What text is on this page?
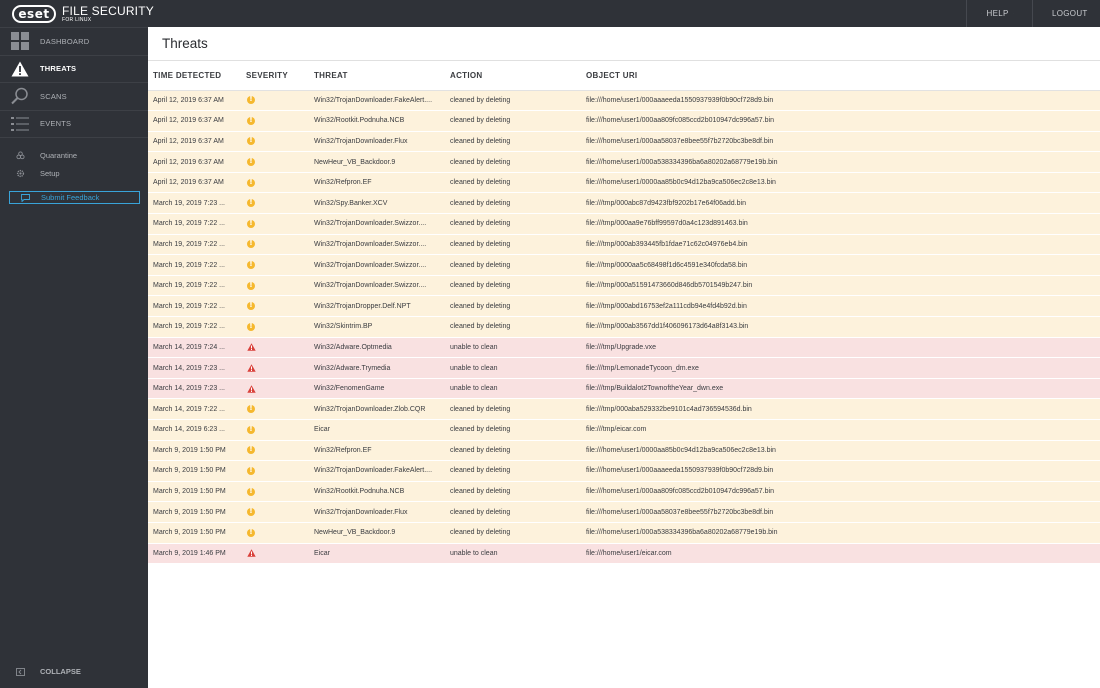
eset	FILE SECURITY
FOR LINUX
HELP	LOGOUT
DASHBOARD
THREATS
SCANS
EVENTS
Quarantine
Setup
Submit Feedback
COLLAPSE
Threats
TIME DETECTED	SEVERITY	THREAT	ACTION	OBJECT URI
April 12, 2019 6:37 AM	!	Win32/TrojanDownloader.FakeAlert....	cleaned by deleting	file:///home/user1/000aaaeeda1550937939f0b90cf728d9.bin
April 12, 2019 6:37 AM	!	Win32/Rootkit.Podnuha.NCB	cleaned by deleting	file:///home/user1/000aa809fc085ccd2b010947dc996a57.bin
April 12, 2019 6:37 AM	!	Win32/TrojanDownloader.Flux	cleaned by deleting	file:///home/user1/000aa58037e8bee55f7b2720bc3be8df.bin
April 12, 2019 6:37 AM	!	NewHeur_VB_Backdoor.9	cleaned by deleting	file:///home/user1/000a538334396ba6a80202a68779e19b.bin
April 12, 2019 6:37 AM	!	Win32/Refpron.EF	cleaned by deleting	file:///home/user1/0000aa85b0c94d12ba9ca506ec2c8e13.bin
March 19, 2019 7:23 ...	!	Win32/Spy.Banker.XCV	cleaned by deleting	file:///tmp/000abc87d9423fbf9202b17e64f06add.bin
March 19, 2019 7:22 ...	!	Win32/TrojanDownloader.Swizzor....	cleaned by deleting	file:///tmp/000aa9e76bff99597d0a4c123d891463.bin
March 19, 2019 7:22 ...	!	Win32/TrojanDownloader.Swizzor....	cleaned by deleting	file:///tmp/000ab393445fb1fdae71c62c04976eb4.bin
March 19, 2019 7:22 ...	!	Win32/TrojanDownloader.Swizzor....	cleaned by deleting	file:///tmp/0000aa5c68498f1d6c4591e340fcda58.bin
March 19, 2019 7:22 ...	!	Win32/TrojanDownloader.Swizzor....	cleaned by deleting	file:///tmp/000a51591473660d846db5701549b247.bin
March 19, 2019 7:22 ...	!	Win32/TrojanDropper.Delf.NPT	cleaned by deleting	file:///tmp/000abd16753ef2a111cdb94e4fd4b92d.bin
March 19, 2019 7:22 ...	!	Win32/Skintrim.BP	cleaned by deleting	file:///tmp/000ab3567dd1f406096173d64a8f3143.bin
March 14, 2019 7:24 ...		Win32/Adware.Optmedia	unable to clean	file:///tmp/Upgrade.vxe
March 14, 2019 7:23 ...		Win32/Adware.Trymedia	unable to clean	file:///tmp/LemonadeTycoon_dm.exe
March 14, 2019 7:23 ...		Win32/FenomenGame	unable to clean	file:///tmp/Buildalot2TownoftheYear_dwn.exe
March 14, 2019 7:22 ...	!	Win32/TrojanDownloader.Zlob.CQR	cleaned by deleting	file:///tmp/000aba529332be9101c4ad736594536d.bin
March 14, 2019 6:23 ...	!	Eicar	cleaned by deleting	file:///tmp/eicar.com
March 9, 2019 1:50 PM	!	Win32/Refpron.EF	cleaned by deleting	file:///home/user1/0000aa85b0c94d12ba9ca506ec2c8e13.bin
March 9, 2019 1:50 PM	!	Win32/TrojanDownloader.FakeAlert....	cleaned by deleting	file:///home/user1/000aaaeeda1550937939f0b90cf728d9.bin
March 9, 2019 1:50 PM	!	Win32/Rootkit.Podnuha.NCB	cleaned by deleting	file:///home/user1/000aa809fc085ccd2b010947dc996a57.bin
March 9, 2019 1:50 PM	!	Win32/TrojanDownloader.Flux	cleaned by deleting	file:///home/user1/000aa58037e8bee55f7b2720bc3be8df.bin
March 9, 2019 1:50 PM	!	NewHeur_VB_Backdoor.9	cleaned by deleting	file:///home/user1/000a538334396ba6a80202a68779e19b.bin
March 9, 2019 1:46 PM		Eicar	unable to clean	file:///home/user1/eicar.com
